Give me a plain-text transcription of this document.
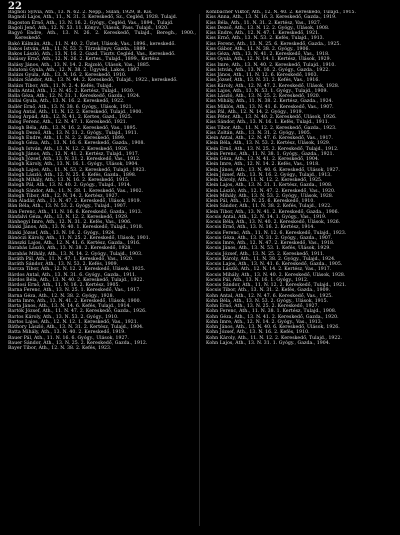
22
Bagnoli Sylvia, Ath., 13. N. 62. 2. Nepp., Sulan, 1929, B. Kis.
Bagnoli Lajos, Ath., 11., N. 31. 3. Kereskedő, Sz., Cegléd, 1928. Tulajd.
Bagoston Ernő, Ath., 13. N. 16. 2. Gyógy., Cegléd, Vas., 1894., Tulajd.
Bagoli Jenő, Ath., 12. N. 53. 11. Könyv., Ulások, Pass. Tulajd., 1920.
Bagyó Endre, Ath., 13. N. 26. 2. Kereskedő, Tulajd., Beregh., 1900., Kereskedő.
Bakó Kálmán, Ath., 11. N. 40. 2. Üzlet, Ulások, Vas., 1896., kereskedő.
Bakos István, Ath., 11. N. 53. 3. Törzskönyv, Gazda., 1889.
Bakos László, Ath., 13. N. 16. 2. Gazd. Tisztv. Cegléd, Vas., Kereskedő.
Balássy Ernő, Ath., 12. N. 26. 2. Kertes., Tulajd., 1899., Kertész.
Balásy János, Ath., 13. N. 14. 2. Rajzoló, Ulások, Vas., 1885.
Balatoni Gyula, Ath., 12. N. 38. 2. Ügyvéd, Lakos, 1897.
Balázs Gyula, Ath., 13. N. 16. 2. Kereskedő, 1910.
Balázs Sándor, Ath., 13. N. 44. 2. Kereskedő, Tulajd., 1922., kereskedő.
Balázs Tibor, Ath., 11. N. 2. 4. Kefés, Tulajd.
Balla Antal, Ath., 12. N. 45. 2. Kertész, Tulajd., 1930.
Balla Géza, Ath., 12. N. 31. 1. Kereskedő, Gazda., 1924.
Bállai Gyula, Ath., 13. N. 16. 2. Kereskedő, 1922.
Ballér Ernő, Ath., 13. N. 38. 6. Gyógy., Ulások, 1921.
Balog Antal, Ath., 11. N. 12. 2. Kereskedő, Tulajd., 1900.
Balog Árpád, Ath., 12. N. 41. 2. Kertes, Gazd., 1925.
Balog Ferenc, Ath., 12. N. 47. 1. Kereskedő, 1921.
Balogh Béla, Ath., 13. N. 16. 2. Kereskedő, Vas., 1895.
Balogh Dezső, Ath., 13. N. 31. 2. Gyógy., Tulajd., 1911.
Balogh Endre, Ath., 11. N. 2. 2. Kereskedő, 1899.
Balogh Géza, Ath., 13. N. 16. 6. Kereskedő, Gazda., 1908.
Balogh István, Ath., 13. N. 12. 2. Kereskedő, 1926.
Balogh János, Ath., 12. N. 41. 2. Kertész, Tulajd., 1917.
Balogh József, Ath., 13. N. 31. 2. Kereskedő, Vas., 1912.
Balogh Károly, Ath., 13. N. 16. 1. Gyógy., Ulások, 1904.
Balogh Lajos, Ath., 11. N. 53. 2. Kereskedő, Tulajd., 1923.
Balogh László, Ath., 12. N. 25. 6. Kefés, Gazda., 1898.
Balogh Mihály, Ath., 13. N. 16. 2. Kereskedő, 1915.
Balogh Pál, Ath., 13. N. 40. 2. Gyógy., Tulajd., 1914.
Balogh Sándor, Ath., 11. N. 38. 1. Kereskedő, Vas., 1902.
Balogh Tibor, Ath., 12. N. 14. 2. Kertész, 1927.
Bán Aladár, Ath., 13. N. 47. 2. Kereskedő, Ulások, 1919.
Bán Béla, Ath., 13. N. 53. 2. Gyógy., Tulajd., 1907.
Bán Ferenc, Ath., 11. N. 16. 6. Kereskedő, Gazda., 1913.
Bánfalvi Géza, Ath., 13. N. 12. 2. Kereskedő, 1929.
Bánhegyi Imre, Ath., 12. N. 31. 2. Kefés, Vas., 1906.
Bánki János, Ath., 13. N. 40. 1. Kereskedő, Tulajd., 1918.
Bánki József, Ath., 13. N. 16. 2. Gyógy., 1924.
Bánóczi Károly, Ath., 11. N. 25. 2. Kereskedő, Ulások, 1901.
Bánszki Lajos, Ath., 12. N. 41. 6. Kertész, Gazda., 1916.
Barabás László, Ath., 13. N. 38. 2. Kereskedő, 1928.
Barabás Mihály, Ath., 13. N. 14. 2. Gyógy., Tulajd., 1903.
Baráth Pál, Ath., 11. N. 47. 1. Kereskedő, Vas., 1920.
Baráth Sándor, Ath., 13. N. 53. 2. Kefés, 1909.
Barcza Tibor, Ath., 12. N. 12. 2. Kereskedő, Ulások, 1925.
Bárdos Antal, Ath., 13. N. 31. 6. Gyógy., Gazda., 1911.
Bárdos Béla, Ath., 13. N. 40. 2. Kereskedő, Tulajd., 1922.
Bárdosi Ernő, Ath., 11. N. 16. 2. Kertész, 1905.
Barna Ferenc, Ath., 13. N. 25. 1. Kereskedő, Vas., 1917.
Barna Géza, Ath., 12. N. 38. 2. Gyógy., 1928.
Barta Imre, Ath., 13. N. 41. 2. Kereskedő, Ulások, 1900.
Barta János, Ath., 13. N. 14. 6. Kefés, Tulajd., 1914.
Bartók József, Ath., 11. N. 47. 2. Kereskedő, Gazda., 1926.
Bartos Károly, Ath., 13. N. 53. 2. Gyógy., 1910.
Bartos Lajos, Ath., 12. N. 12. 1. Kereskedő, Vas., 1921.
Báthory László, Ath., 13. N. 31. 2. Kertész, Tulajd., 1904.
Batta Mihály, Ath., 13. N. 40. 2. Kereskedő, 1919.
Bauer Pál, Ath., 11. N. 16. 6. Gyógy., Ulások, 1927.
Bauer Sándor, Ath., 13. N. 25. 2. Kereskedő, Gazda., 1912.
Bayer Tibor, Ath., 12. N. 38. 2. Kefés, 1923.
Kohlbacher Viktor, Ath., 12. N. 40. 2. Kereskedő, Tulajd., 1915.
Kiss Anna, Ath., 13. N. 16. 3. Kereskedő, Gazda., 1919.
Kiss Béla, Ath., 11. N. 31. 2. Kertész, Vas., 1927.
Kiss Dezső, Ath., 13. N. 12. 2. Gyógy., Ulások, 1908.
Kiss Endre, Ath., 12. N. 47. 1. Kereskedő, 1921.
Kiss Ernő, Ath., 13. N. 53. 2. Kefés, Tulajd., 1913.
Kiss Ferenc, Ath., 13. N. 25. 6. Kereskedő, Gazda., 1925.
Kiss Gábor, Ath., 11. N. 38. 2. Gyógy., 1906.
Kiss Géza, Ath., 13. N. 41. 2. Kereskedő, Vas., 1918.
Kiss Gyula, Ath., 12. N. 14. 1. Kertész, Ulások, 1929.
Kiss Imre, Ath., 13. N. 40. 2. Kereskedő, Tulajd., 1910.
Kiss István, Ath., 13. N. 16. 2. Gyógy., Gazda., 1922.
Kiss János, Ath., 11. N. 12. 6. Kereskedő, 1903.
Kiss József, Ath., 13. N. 31. 2. Kefés, Vas., 1916.
Kiss Károly, Ath., 12. N. 47. 2. Kereskedő, Ulások, 1928.
Kiss Lajos, Ath., 13. N. 53. 1. Gyógy., Tulajd., 1909.
Kiss László, Ath., 13. N. 25. 2. Kereskedő, 1920.
Kiss Mihály, Ath., 11. N. 38. 2. Kertész, Gazda., 1924.
Kiss Miklós, Ath., 13. N. 41. 6. Kereskedő, Vas., 1907.
Kiss Pál, Ath., 12. N. 14. 2. Gyógy., 1919.
Kiss Péter, Ath., 13. N. 40. 2. Kereskedő, Ulások, 1926.
Kiss Sándor, Ath., 13. N. 16. 1. Kefés, Tulajd., 1911.
Kiss Tibor, Ath., 11. N. 12. 2. Kereskedő, Gazda., 1923.
Kiss Zoltán, Ath., 13. N. 31. 2. Gyógy., 1905.
Klein Antal, Ath., 12. N. 47. 6. Kereskedő, Vas., 1917.
Klein Béla, Ath., 13. N. 53. 2. Kertész, Ulások, 1929.
Klein Ernő, Ath., 13. N. 25. 2. Kereskedő, Tulajd., 1912.
Klein Ferenc, Ath., 11. N. 38. 1. Gyógy., Gazda., 1921.
Klein Géza, Ath., 13. N. 41. 2. Kereskedő, 1904.
Klein Imre, Ath., 12. N. 14. 2. Kefés, Vas., 1918.
Klein János, Ath., 13. N. 40. 6. Kereskedő, Ulások, 1927.
Klein József, Ath., 13. N. 16. 2. Gyógy., Tulajd., 1913.
Klein Károly, Ath., 11. N. 12. 2. Kereskedő, 1925.
Klein Lajos, Ath., 13. N. 31. 1. Kertész, Gazda., 1908.
Klein László, Ath., 12. N. 47. 2. Kereskedő, Vas., 1920.
Klein Mihály, Ath., 13. N. 53. 2. Gyógy., Ulások, 1928.
Klein Pál, Ath., 13. N. 25. 6. Kereskedő, 1910.
Klein Sándor, Ath., 11. N. 38. 2. Kefés, Tulajd., 1922.
Klein Tibor, Ath., 13. N. 41. 2. Kereskedő, Gazda., 1906.
Kocsis Antal, Ath., 12. N. 14. 1. Gyógy., Vas., 1919.
Kocsis Béla, Ath., 13. N. 40. 2. Kereskedő, Ulások, 1926.
Kocsis Ernő, Ath., 13. N. 16. 2. Kertész, 1914.
Kocsis Ferenc, Ath., 11. N. 12. 6. Kereskedő, Tulajd., 1923.
Kocsis Géza, Ath., 13. N. 31. 2. Gyógy., Gazda., 1907.
Kocsis Imre, Ath., 12. N. 47. 2. Kereskedő, Vas., 1918.
Kocsis János, Ath., 13. N. 53. 1. Kefés, Ulások, 1929.
Kocsis József, Ath., 13. N. 25. 2. Kereskedő, 1911.
Kocsis Károly, Ath., 11. N. 38. 2. Gyógy., Tulajd., 1924.
Kocsis Lajos, Ath., 13. N. 41. 6. Kereskedő, Gazda., 1905.
Kocsis László, Ath., 12. N. 14. 2. Kertész, Vas., 1917.
Kocsis Mihály, Ath., 13. N. 40. 2. Kereskedő, Ulások, 1928.
Kocsis Pál, Ath., 13. N. 16. 1. Gyógy., 1912.
Kocsis Sándor, Ath., 11. N. 12. 2. Kereskedő, Tulajd., 1921.
Kocsis Tibor, Ath., 13. N. 31. 2. Kefés, Gazda., 1909.
Kohn Antal, Ath., 12. N. 47. 6. Kereskedő, Vas., 1925.
Kohn Béla, Ath., 13. N. 53. 2. Gyógy., Ulások, 1915.
Kohn Ernő, Ath., 13. N. 25. 2. Kereskedő, 1927.
Kohn Ferenc, Ath., 11. N. 38. 1. Kertész, Tulajd., 1908.
Kohn Géza, Ath., 13. N. 41. 2. Kereskedő, Gazda., 1920.
Kohn Imre, Ath., 12. N. 14. 2. Gyógy., Vas., 1913.
Kohn János, Ath., 13. N. 40. 6. Kereskedő, Ulások, 1926.
Kohn József, Ath., 13. N. 16. 2. Kefés, 1910.
Kohn Károly, Ath., 11. N. 12. 2. Kereskedő, Tulajd., 1922.
Kohn Lajos, Ath., 13. N. 31. 1. Gyógy., Gazda., 1904.
